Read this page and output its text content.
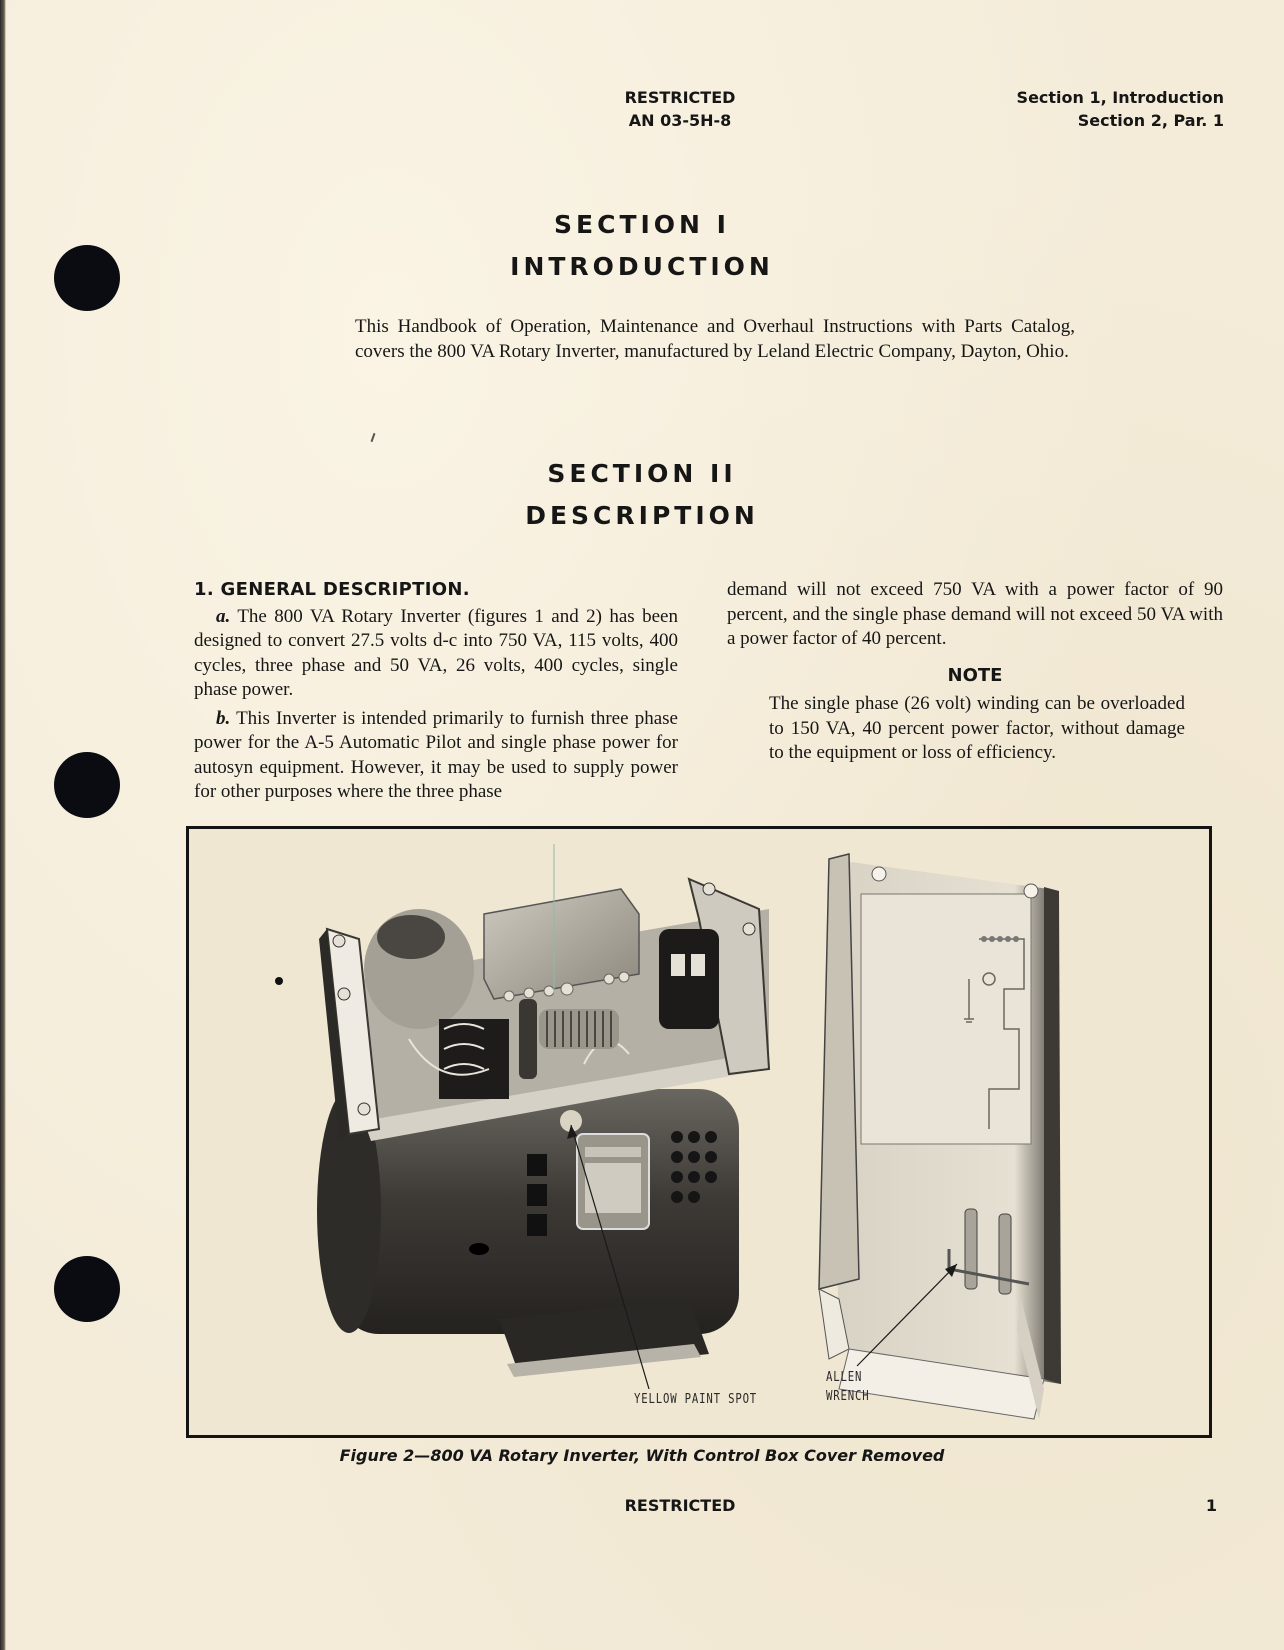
RESTRICTED
AN 03-5H-8
Section 1, Introduction
Section 2, Par. 1
SECTION I
INTRODUCTION

This Handbook of Operation, Maintenance and Overhaul Instructions with Parts Catalog, covers the 800 VA Rotary Inverter, manufactured by Leland Electric Company, Dayton, Ohio.

SECTION II
DESCRIPTION
1. GENERAL DESCRIPTION.

a. The 800 VA Rotary Inverter (figures 1 and 2) has been designed to convert 27.5 volts d-c into 750 VA, 115 volts, 400 cycles, three phase and 50 VA, 26 volts, 400 cycles, single phase power.

b. This Inverter is intended primarily to furnish three phase power for the A-5 Automatic Pilot and single phase power for autosyn equipment. However, it may be used to supply power for other purposes where the three phase

demand will not exceed 750 VA with a power factor of 90 percent, and the single phase demand will not exceed 50 VA with a power factor of 40 percent.

NOTE

The single phase (26 volt) winding can be overloaded to 150 VA, 40 percent power factor, without damage to the equipment or loss of efficiency.

YELLOW PAINT SPOT
ALLEN
WRENCH
Figure 2—800 VA Rotary Inverter, With Control Box Cover Removed
RESTRICTED	1
